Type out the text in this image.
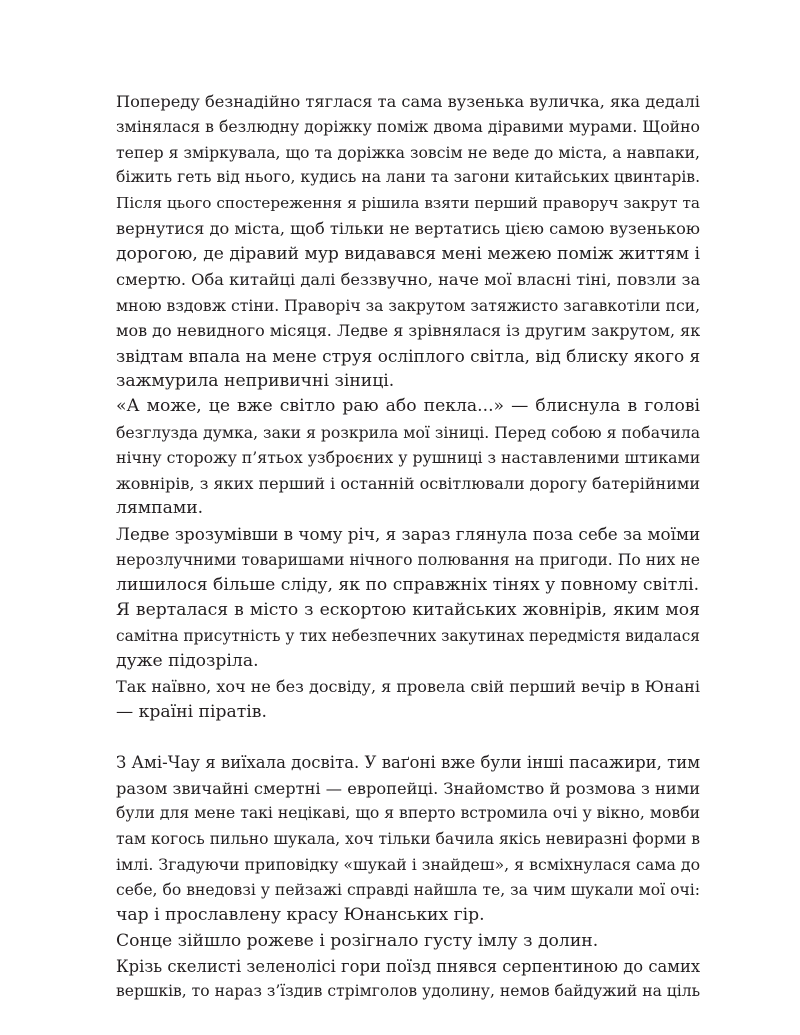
Попереду безнадійно тяглася та сама вузенька вуличка, яка дедалі
змінялася в безлюдну доріжку поміж двома діравими мурами. Щойно
тепер я зміркувала, що та доріжка зовсім не веде до міста, а навпаки,
біжить геть від нього, кудись на лани та загони китайських цвинтарів.
Після цього спостереження я рішила взяти перший праворуч закрут та
вернутися до міста, щоб тільки не вертатись цією самою вузенькою
дорогою, де діравий мур видавався мені межею поміж життям і
смертю. Оба китайці далі беззвучно, наче мої власні тіні, повзли за
мною вздовж стіни. Праворіч за закрутом затяжисто загавкотіли пси,
мов до невидного місяця. Ледве я зрівнялася із другим закрутом, як
звідтам впала на мене струя осліплого світла, від блиску якого я
зажмурила непривичні зіниці.
«А може, це вже світло раю або пекла...» — блиснула в голові
безглузда думка, заки я розкрила мої зіниці. Перед собою я побачила
нічну сторожу п’ятьох узброєних у рушниці з наставленими штиками
жовнірів, з яких перший і останній освітлювали дорогу батерійними
лямпами.
Ледве зрозумівши в чому річ, я зараз глянула поза себе за моїми
нерозлучними товаришами нічного полювання на пригоди. По них не
лишилося більше сліду, як по справжніх тінях у повному світлі.
Я верталася в місто з ескортою китайських жовнірів, яким моя
самітна присутність у тих небезпечних закутинах передмістя видалася
дуже підозріла.
Так наївно, хоч не без досвіду, я провела свій перший вечір в Юнані
— країні піратів.
З Амі-Чау я виїхала досвіта. У ваґоні вже були інші пасажири, тим
разом звичайні смертні — европейці. Знайомство й розмова з ними
були для мене такі нецікаві, що я вперто встромила очі у вікно, мовби
там когось пильно шукала, хоч тільки бачила якісь невиразні форми в
імлі. Згадуючи приповідку «шукай і знайдеш», я всміхнулася сама до
себе, бо внедовзі у пейзажі справді найшла те, за чим шукали мої очі:
чар і прославлену красу Юнанських гір.
Сонце зійшло рожеве і розігнало густу імлу з долин.
Крізь скелисті зеленолісі гори поїзд пнявся серпентиною до самих
вершків, то нараз з’їздив стрімголов удолину, немов байдужий на ціль
